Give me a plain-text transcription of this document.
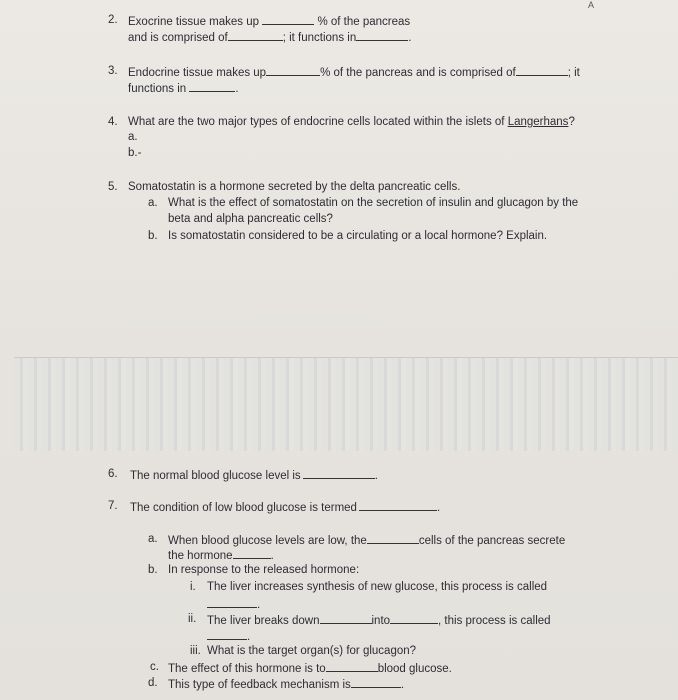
A
2. Exocrine tissue makes up	% of the pancreas
and is comprised of	; it functions in	.
3. Endocrine tissue makes up	% of the pancreas and is comprised of	; it
functions in	.
4. What are the two major types of endocrine cells located within the islets of Langerhans?
a.
b.-
5. Somatostatin is a hormone secreted by the delta pancreatic cells.
a. What is the effect of somatostatin on the secretion of insulin and glucagon by the
beta and alpha pancreatic cells?
b. Is somatostatin considered to be a circulating or a local hormone? Explain.
6. The normal blood glucose level is	.
7. The condition of low blood glucose is termed	.
a. When blood glucose levels are low, the	cells of the pancreas secrete
the hormone	.
b. In response to the released hormone:
i. The liver increases synthesis of new glucose, this process is called
.
ii. The liver breaks down	into	, this process is called
.
iii. What is the target organ(s) for glucagon?
c. The effect of this hormone is to	blood glucose.
d. This type of feedback mechanism is	.
